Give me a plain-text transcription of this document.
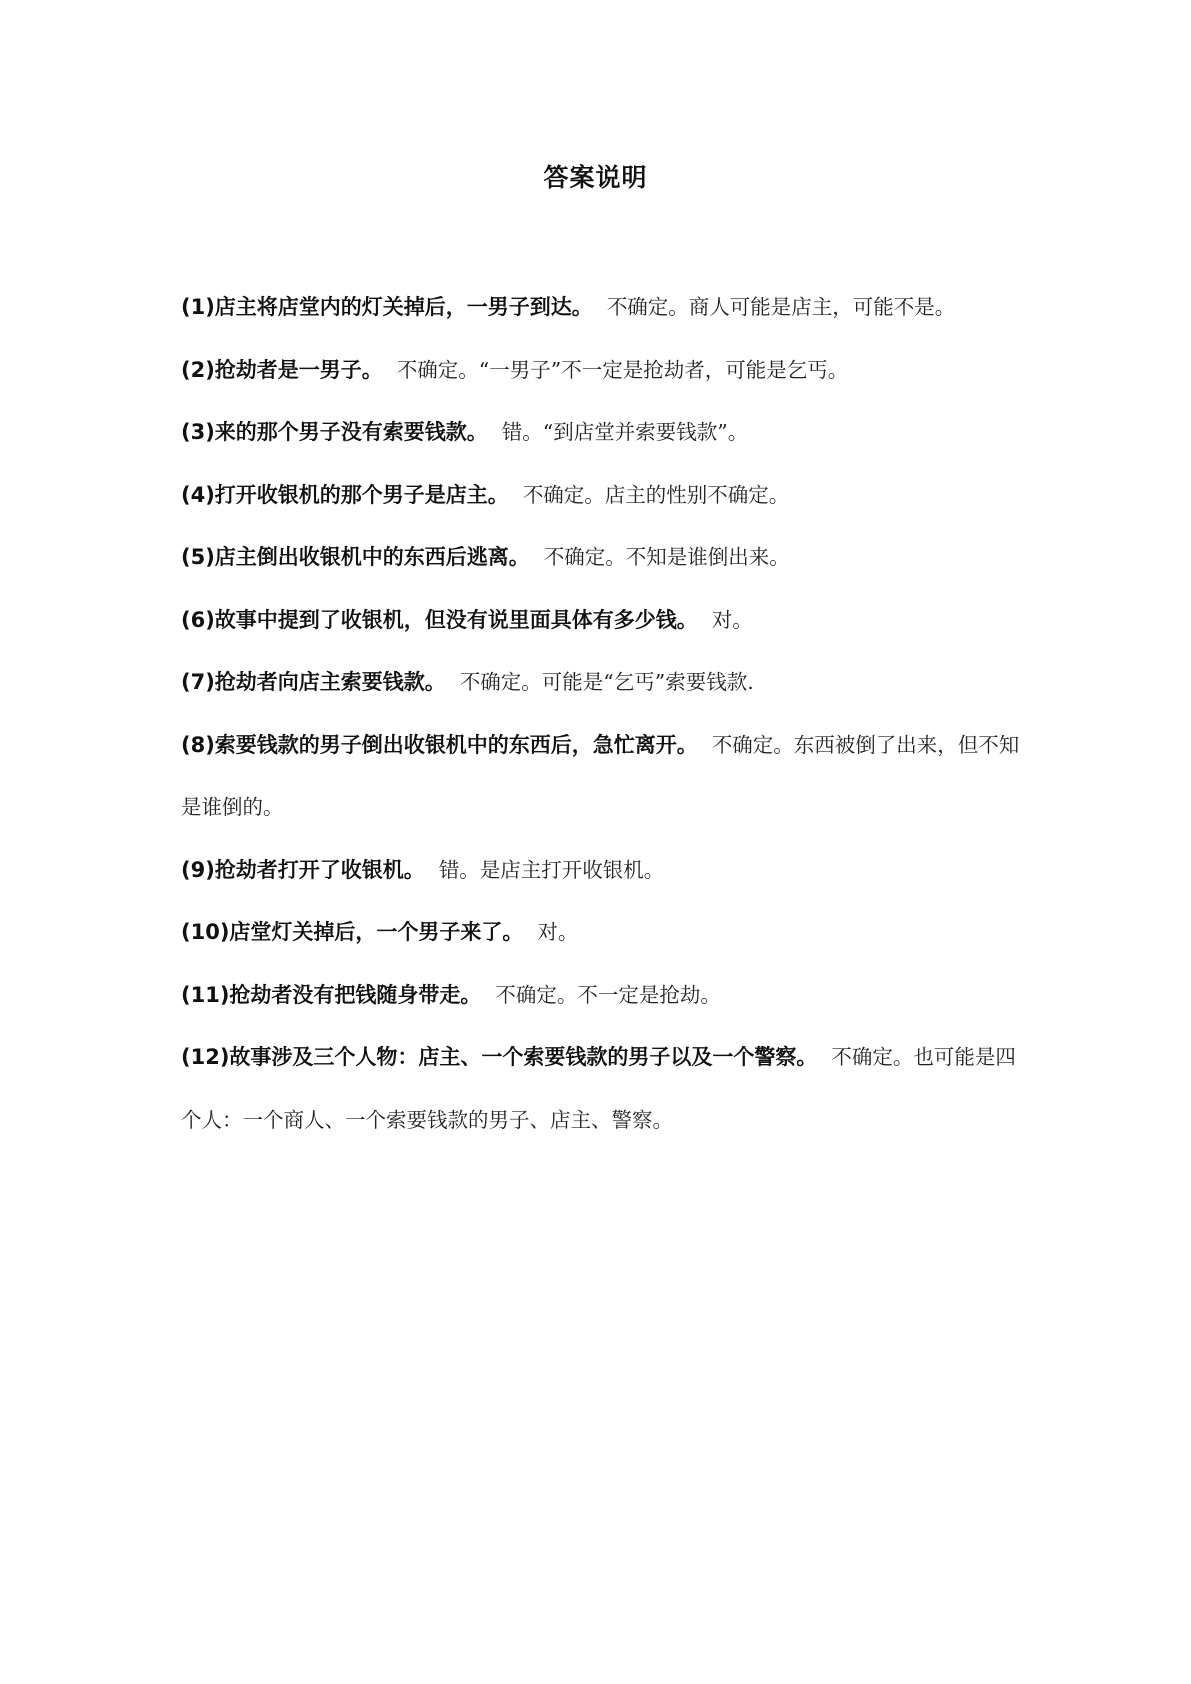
答案说明

(1)店主将店堂内的灯关掉后，一男子到达。 不确定。商人可能是店主，可能不是。

(2)抢劫者是一男子。 不确定。“一男子”不一定是抢劫者，可能是乞丐。

(3)来的那个男子没有索要钱款。 错。“到店堂并索要钱款”。

(4)打开收银机的那个男子是店主。 不确定。店主的性别不确定。

(5)店主倒出收银机中的东西后逃离。 不确定。不知是谁倒出来。

(6)故事中提到了收银机，但没有说里面具体有多少钱。 对。

(7)抢劫者向店主索要钱款。 不确定。可能是“乞丐”索要钱款.

(8)索要钱款的男子倒出收银机中的东西后，急忙离开。 不确定。东西被倒了出来，但不知是谁倒的。

(9)抢劫者打开了收银机。 错。是店主打开收银机。

(10)店堂灯关掉后，一个男子来了。 对。

(11)抢劫者没有把钱随身带走。 不确定。不一定是抢劫。

(12)故事涉及三个人物：店主、一个索要钱款的男子以及一个警察。 不确定。也可能是四个人：一个商人、一个索要钱款的男子、店主、警察。
